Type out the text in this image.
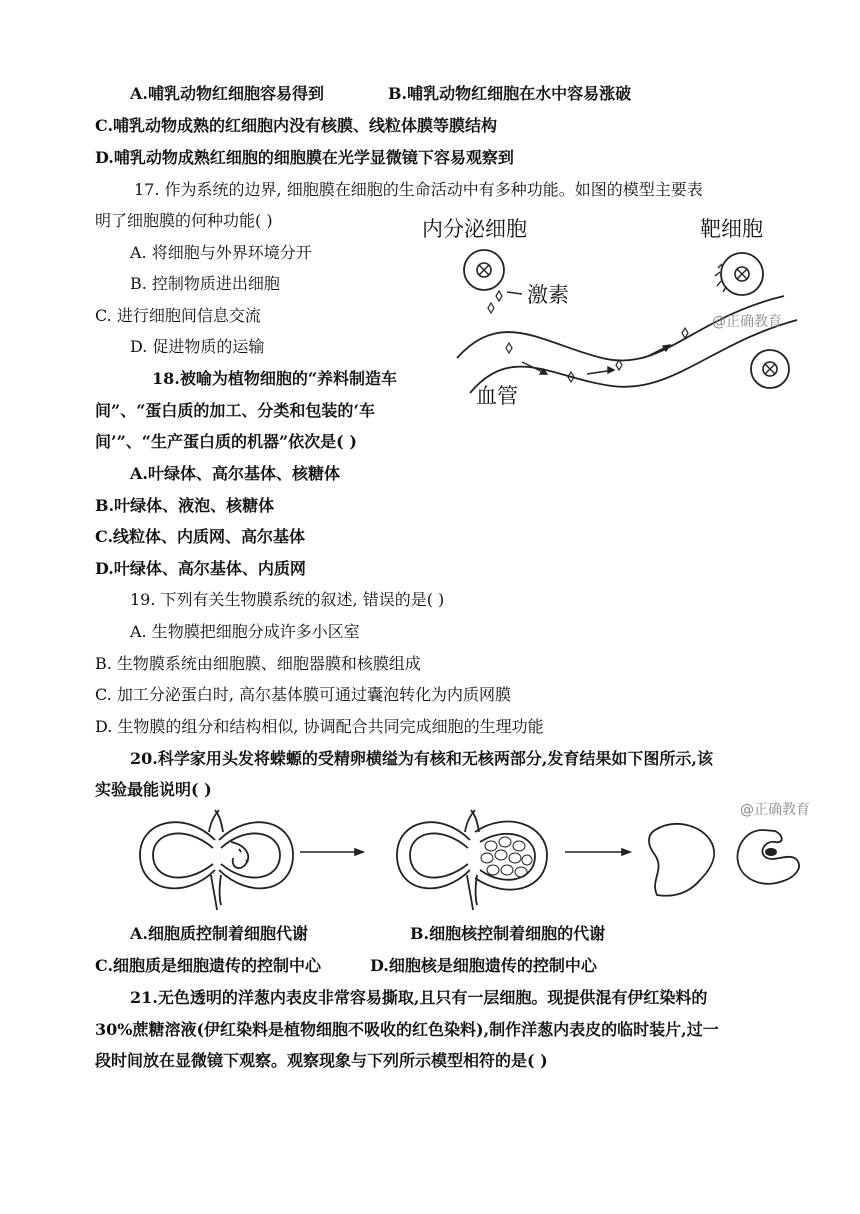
A.哺乳动物红细胞容易得到	B.哺乳动物红细胞在水中容易涨破
C.哺乳动物成熟的红细胞内没有核膜、线粒体膜等膜结构
D.哺乳动物成熟红细胞的细胞膜在光学显微镜下容易观察到
17. 作为系统的边界, 细胞膜在细胞的生命活动中有多种功能。如图的模型主要表
明了细胞膜的何种功能( )
A. 将细胞与外界环境分开
B. 控制物质进出细胞
C. 进行细胞间信息交流
D. 促进物质的运输
内分泌细胞	靶细胞
激素
血管
@正确教育
18.被喻为植物细胞的“养料制造车
间”、“蛋白质的加工、分类和包装的‘车
间’”、“生产蛋白质的机器”依次是( )
A.叶绿体、高尔基体、核糖体
B.叶绿体、液泡、核糖体
C.线粒体、内质网、高尔基体
D.叶绿体、高尔基体、内质网
19. 下列有关生物膜系统的叙述, 错误的是( )
A. 生物膜把细胞分成许多小区室
B. 生物膜系统由细胞膜、细胞器膜和核膜组成
C. 加工分泌蛋白时, 高尔基体膜可通过囊泡转化为内质网膜
D. 生物膜的组分和结构相似, 协调配合共同完成细胞的生理功能
20.科学家用头发将蝾螈的受精卵横缢为有核和无核两部分,发育结果如下图所示,该
实验最能说明( )
@正确教育
A.细胞质控制着细胞代谢	B.细胞核控制着细胞的代谢
C.细胞质是细胞遗传的控制中心	D.细胞核是细胞遗传的控制中心
21.无色透明的洋葱内表皮非常容易撕取,且只有一层细胞。现提供混有伊红染料的
30%蔗糖溶液(伊红染料是植物细胞不吸收的红色染料),制作洋葱内表皮的临时装片,过一
段时间放在显微镜下观察。观察现象与下列所示模型相符的是( )
